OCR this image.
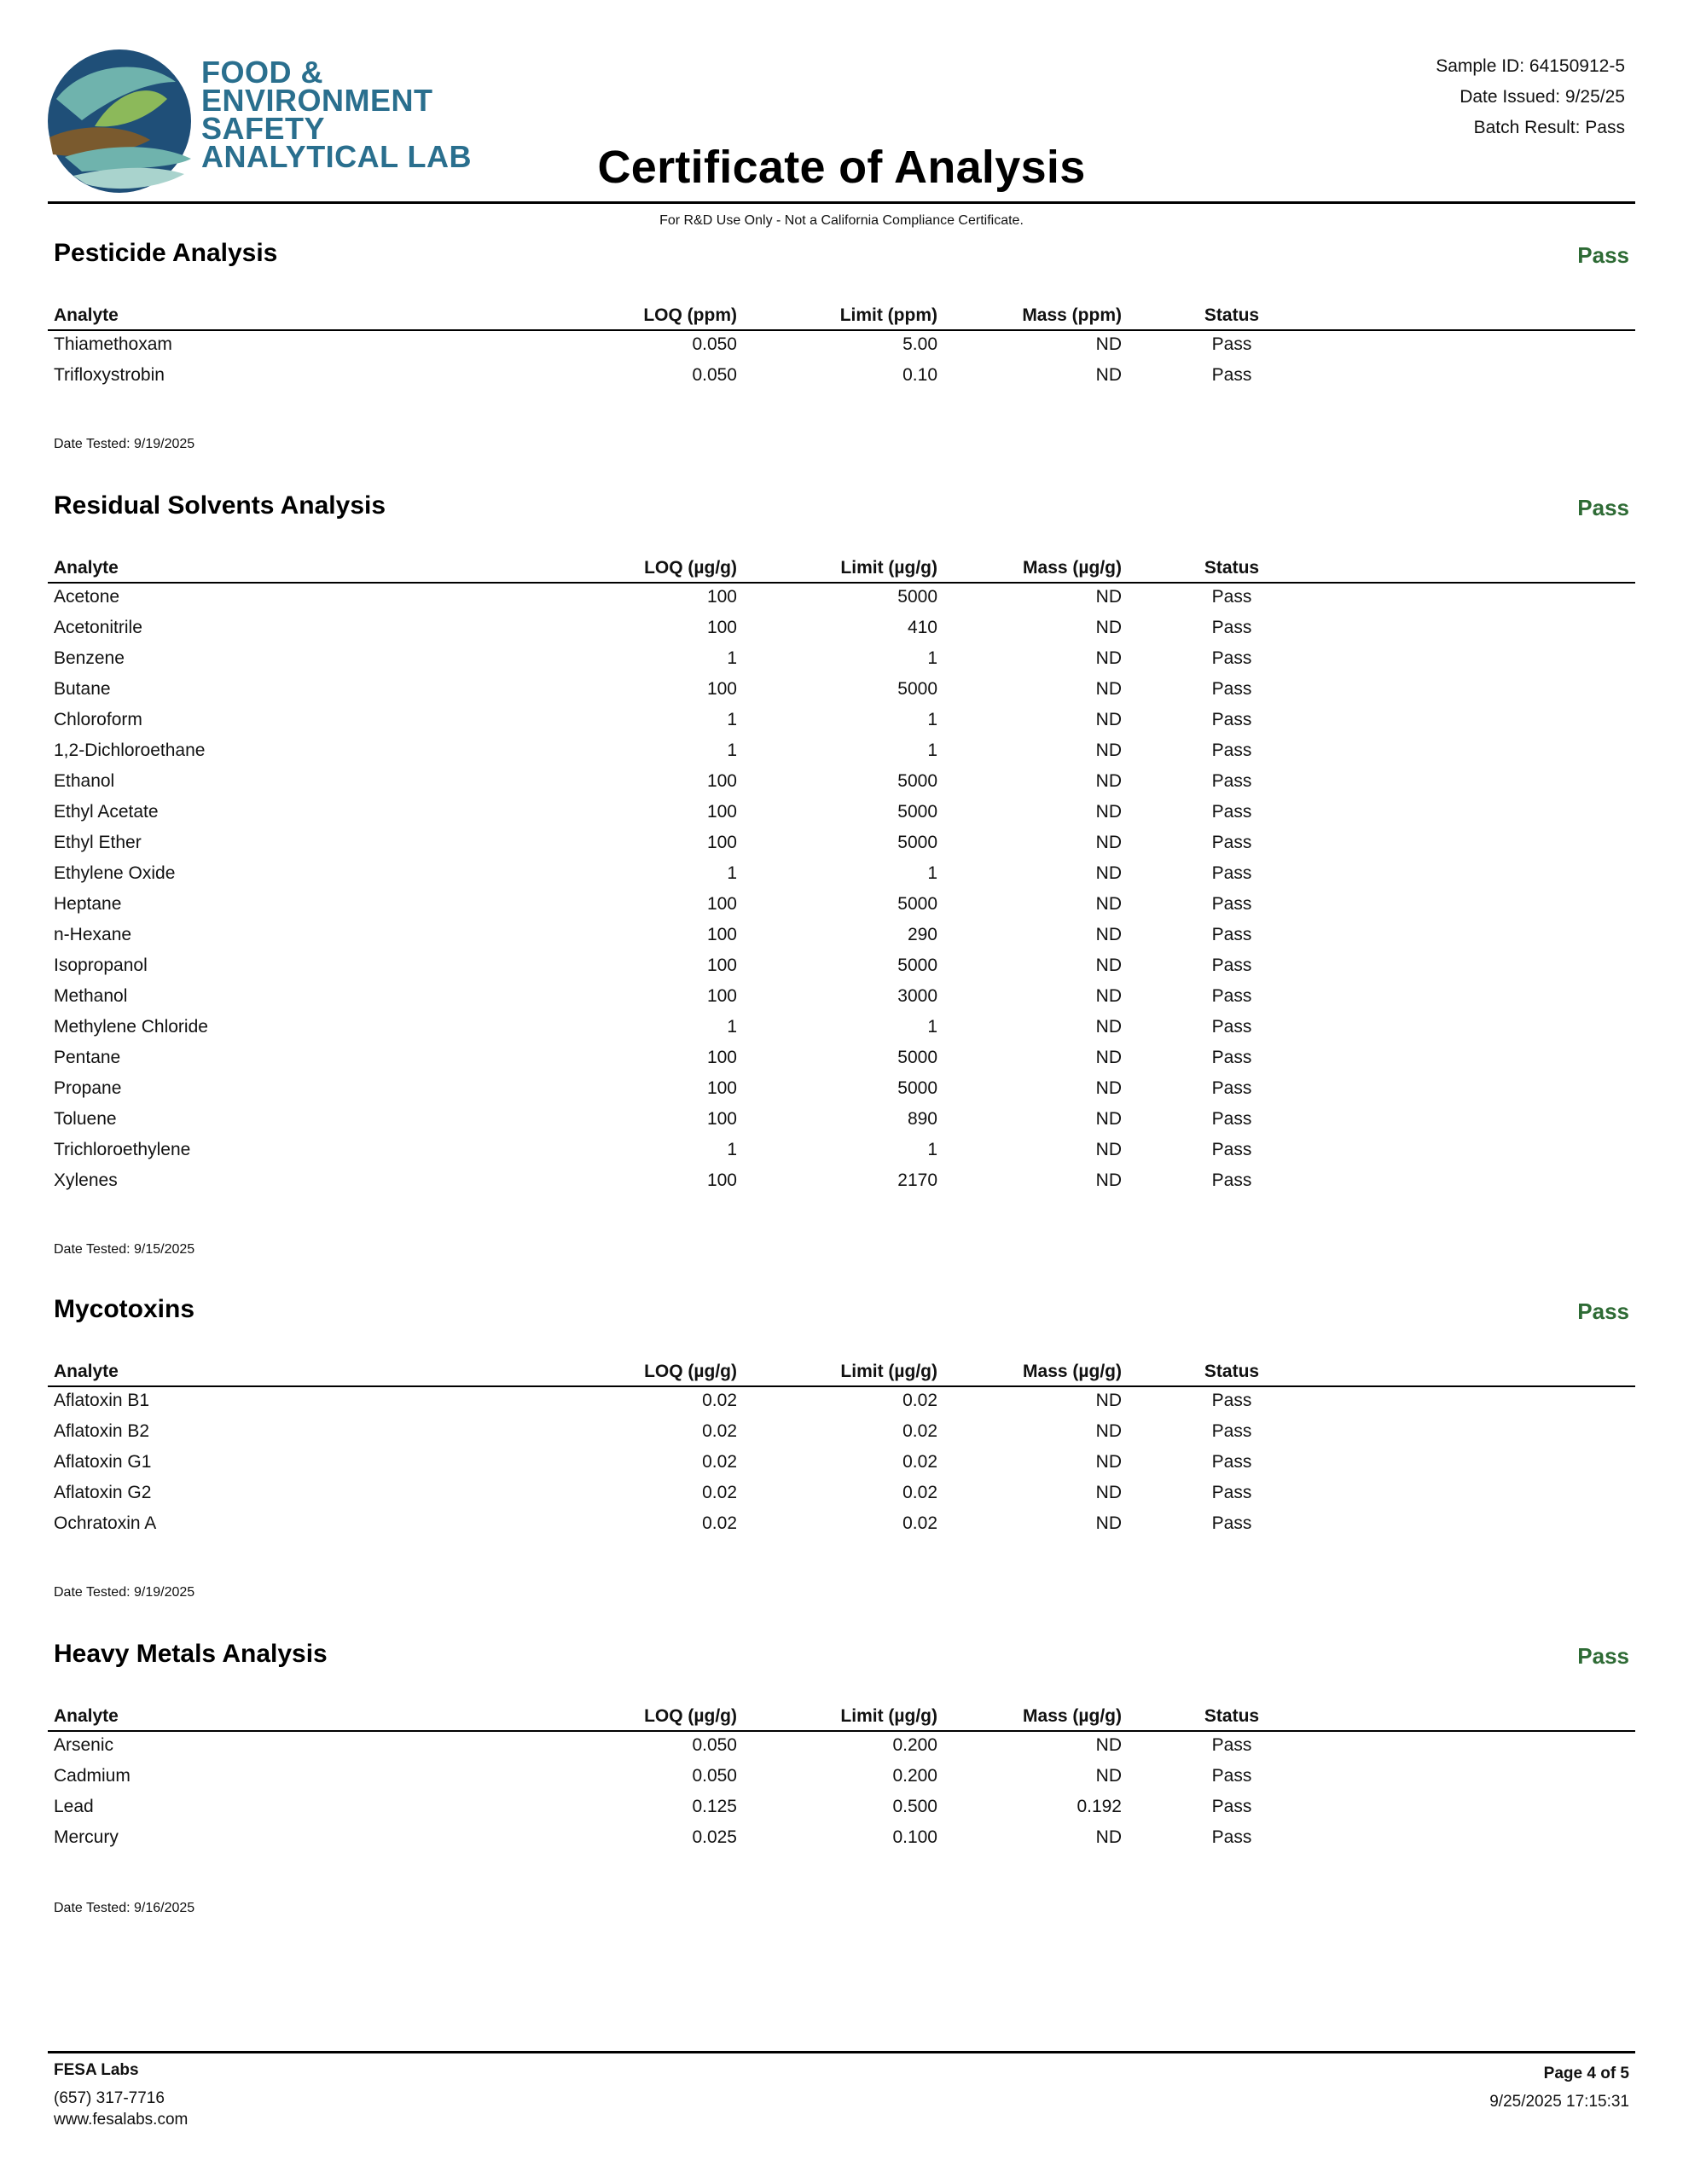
FOOD &
ENVIRONMENT
SAFETY
ANALYTICAL LAB
Sample ID: 64150912-5
Date Issued: 9/25/25
Batch Result: Pass
Certificate of Analysis
For R&D Use Only - Not a California Compliance Certificate.
Pesticide Analysis	Pass
Analyte	LOQ (ppm)	Limit (ppm)	Mass (ppm)	Status
Thiamethoxam	0.050	5.00	ND	Pass
Trifloxystrobin	0.050	0.10	ND	Pass
Date Tested: 9/19/2025
Residual Solvents Analysis	Pass
Analyte	LOQ (µg/g)	Limit (µg/g)	Mass (µg/g)	Status
Acetone	100	5000	ND	Pass
Acetonitrile	100	410	ND	Pass
Benzene	1	1	ND	Pass
Butane	100	5000	ND	Pass
Chloroform	1	1	ND	Pass
1,2-Dichloroethane	1	1	ND	Pass
Ethanol	100	5000	ND	Pass
Ethyl Acetate	100	5000	ND	Pass
Ethyl Ether	100	5000	ND	Pass
Ethylene Oxide	1	1	ND	Pass
Heptane	100	5000	ND	Pass
n-Hexane	100	290	ND	Pass
Isopropanol	100	5000	ND	Pass
Methanol	100	3000	ND	Pass
Methylene Chloride	1	1	ND	Pass
Pentane	100	5000	ND	Pass
Propane	100	5000	ND	Pass
Toluene	100	890	ND	Pass
Trichloroethylene	1	1	ND	Pass
Xylenes	100	2170	ND	Pass
Date Tested: 9/15/2025
Mycotoxins	Pass
Analyte	LOQ (µg/g)	Limit (µg/g)	Mass (µg/g)	Status
Aflatoxin B1	0.02	0.02	ND	Pass
Aflatoxin B2	0.02	0.02	ND	Pass
Aflatoxin G1	0.02	0.02	ND	Pass
Aflatoxin G2	0.02	0.02	ND	Pass
Ochratoxin A	0.02	0.02	ND	Pass
Date Tested: 9/19/2025
Heavy Metals Analysis	Pass
Analyte	LOQ (µg/g)	Limit (µg/g)	Mass (µg/g)	Status
Arsenic	0.050	0.200	ND	Pass
Cadmium	0.050	0.200	ND	Pass
Lead	0.125	0.500	0.192	Pass
Mercury	0.025	0.100	ND	Pass
Date Tested: 9/16/2025
FESA Labs
(657) 317-7716
www.fesalabs.com
Page 4 of 5
9/25/2025 17:15:31
